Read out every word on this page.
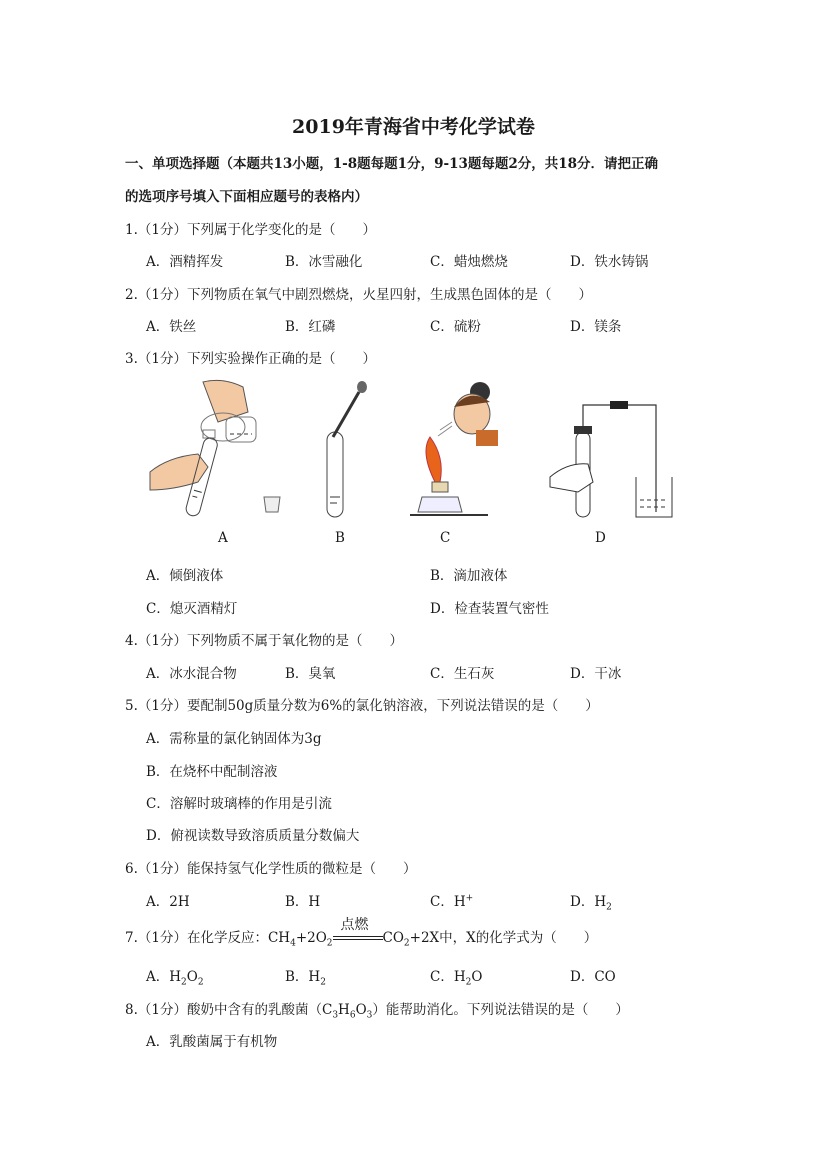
2019年青海省中考化学试卷
一、单项选择题（本题共13小题，1-8题每题1分，9-13题每题2分，共18分．请把正确
的选项序号填入下面相应题号的表格内）
1.（1分）下列属于化学变化的是（　　）
A．酒精挥发	B．冰雪融化	C．蜡烛燃烧	D．铁水铸锅
2.（1分）下列物质在氧气中剧烈燃烧，火星四射，生成黑色固体的是（　　）
A．铁丝	B．红磷	C．硫粉	D．镁条
3.（1分）下列实验操作正确的是（　　）
A	B	C	D
A．倾倒液体	B．滴加液体
C．熄灭酒精灯	D．检查装置气密性
4.（1分）下列物质不属于氧化物的是（　　）
A．冰水混合物	B．臭氧	C．生石灰	D．干冰
5.（1分）要配制50g质量分数为6%的氯化钠溶液，下列说法错误的是（　　）
A．需称量的氯化钠固体为3g
B．在烧杯中配制溶液
C．溶解时玻璃棒的作用是引流
D．俯视读数导致溶质质量分数偏大
6.（1分）能保持氢气化学性质的微粒是（　　）
A．2H	B．H	C．H+	D．$H_2$
7.（1分）在化学反应：$CH_4+2O_2$
点燃
$CO_2+2X$中，X的化学式为（　　）
A．$H_2O_2$	B．$H_2$	C．$H_2O$	D．CO
8.（1分）酸奶中含有的乳酸菌$(C_3H_6O_3)$能帮助消化。下列说法错误的是（　　）
A．乳酸菌属于有机物
